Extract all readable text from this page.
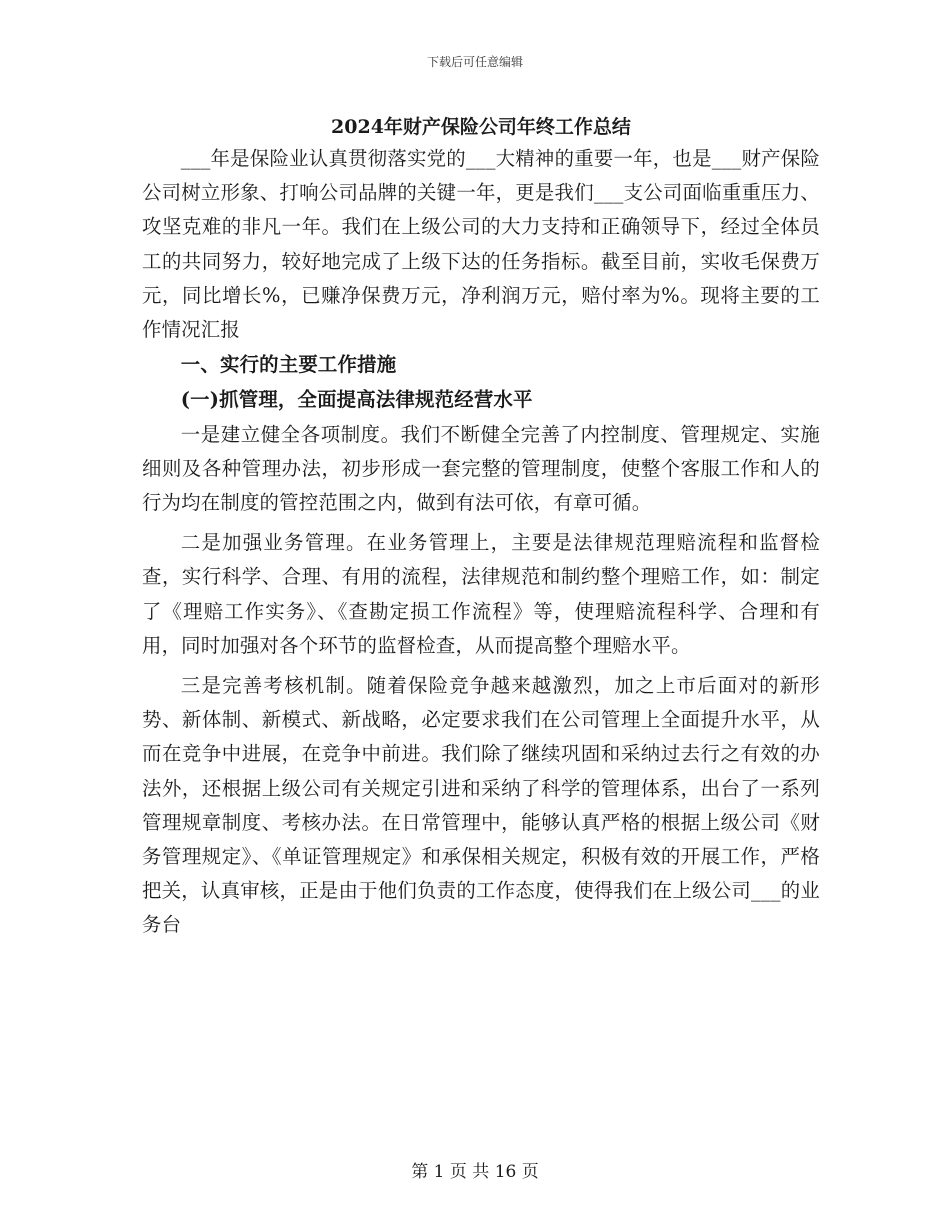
下载后可任意编辑
2024年财产保险公司年终工作总结

___年是保险业认真贯彻落实党的___大精神的重要一年，也是___财产保险公司树立形象、打响公司品牌的关键一年，更是我们___支公司面临重重压力、攻坚克难的非凡一年。我们在上级公司的大力支持和正确领导下，经过全体员工的共同努力，较好地完成了上级下达的任务指标。截至目前，实收毛保费万元，同比增长%，已赚净保费万元，净利润万元，赔付率为%。现将主要的工作情况汇报

一、实行的主要工作措施

(一)抓管理，全面提高法律规范经营水平

一是建立健全各项制度。我们不断健全完善了内控制度、管理规定、实施细则及各种管理办法，初步形成一套完整的管理制度，使整个客服工作和人的行为均在制度的管控范围之内，做到有法可依，有章可循。

二是加强业务管理。在业务管理上，主要是法律规范理赔流程和监督检查，实行科学、合理、有用的流程，法律规范和制约整个理赔工作，如：制定了《理赔工作实务》、《查勘定损工作流程》等，使理赔流程科学、合理和有用，同时加强对各个环节的监督检查，从而提高整个理赔水平。

三是完善考核机制。随着保险竞争越来越激烈，加之上市后面对的新形势、新体制、新模式、新战略，必定要求我们在公司管理上全面提升水平，从而在竞争中进展，在竞争中前进。我们除了继续巩固和采纳过去行之有效的办法外，还根据上级公司有关规定引进和采纳了科学的管理体系，出台了一系列管理规章制度、考核办法。在日常管理中，能够认真严格的根据上级公司《财务管理规定》、《单证管理规定》和承保相关规定，积极有效的开展工作，严格把关，认真审核，正是由于他们负责的工作态度，使得我们在上级公司___的业务台

第 1 页 共 16 页
